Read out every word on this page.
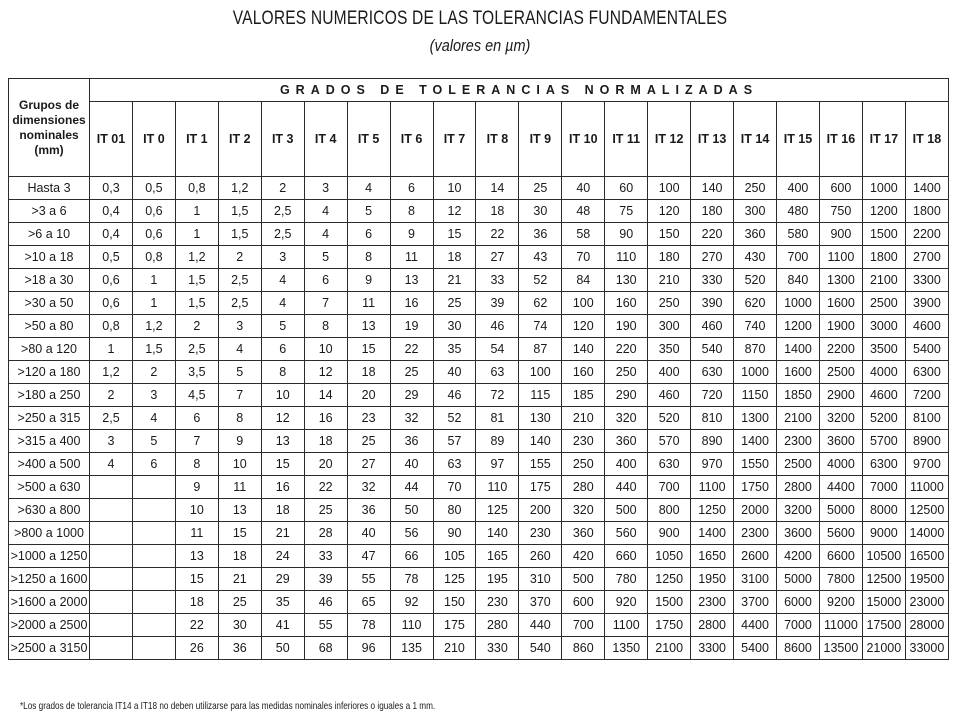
VALORES NUMERICOS DE LAS TOLERANCIAS FUNDAMENTALES
(valores en µm)
Grupos de dimensiones nominales (mm)	GRADOS DE TOLERANCIAS NORMALIZADAS																			
	IT 01	IT 0	IT 1	IT 2	IT 3	IT 4	IT 5	IT 6	IT 7	IT 8	IT 9	IT 10	IT 11	IT 12	IT 13	IT 14	IT 15	IT 16	IT 17	IT 18
Hasta 3	0,3	0,5	0,8	1,2	2	3	4	6	10	14	25	40	60	100	140	250	400	600	1000	1400
>3 a 6	0,4	0,6	1	1,5	2,5	4	5	8	12	18	30	48	75	120	180	300	480	750	1200	1800
>6 a 10	0,4	0,6	1	1,5	2,5	4	6	9	15	22	36	58	90	150	220	360	580	900	1500	2200
>10 a 18	0,5	0,8	1,2	2	3	5	8	11	18	27	43	70	110	180	270	430	700	1100	1800	2700
>18 a 30	0,6	1	1,5	2,5	4	6	9	13	21	33	52	84	130	210	330	520	840	1300	2100	3300
>30 a 50	0,6	1	1,5	2,5	4	7	11	16	25	39	62	100	160	250	390	620	1000	1600	2500	3900
>50 a 80	0,8	1,2	2	3	5	8	13	19	30	46	74	120	190	300	460	740	1200	1900	3000	4600
>80 a 120	1	1,5	2,5	4	6	10	15	22	35	54	87	140	220	350	540	870	1400	2200	3500	5400
>120 a 180	1,2	2	3,5	5	8	12	18	25	40	63	100	160	250	400	630	1000	1600	2500	4000	6300
>180 a 250	2	3	4,5	7	10	14	20	29	46	72	115	185	290	460	720	1150	1850	2900	4600	7200
>250 a 315	2,5	4	6	8	12	16	23	32	52	81	130	210	320	520	810	1300	2100	3200	5200	8100
>315 a 400	3	5	7	9	13	18	25	36	57	89	140	230	360	570	890	1400	2300	3600	5700	8900
>400 a 500	4	6	8	10	15	20	27	40	63	97	155	250	400	630	970	1550	2500	4000	6300	9700
>500 a 630			9	11	16	22	32	44	70	110	175	280	440	700	1100	1750	2800	4400	7000	11000
>630 a 800			10	13	18	25	36	50	80	125	200	320	500	800	1250	2000	3200	5000	8000	12500
>800 a 1000			11	15	21	28	40	56	90	140	230	360	560	900	1400	2300	3600	5600	9000	14000
>1000 a 1250			13	18	24	33	47	66	105	165	260	420	660	1050	1650	2600	4200	6600	10500	16500
>1250 a 1600			15	21	29	39	55	78	125	195	310	500	780	1250	1950	3100	5000	7800	12500	19500
>1600 a 2000			18	25	35	46	65	92	150	230	370	600	920	1500	2300	3700	6000	9200	15000	23000
>2000 a 2500			22	30	41	55	78	110	175	280	440	700	1100	1750	2800	4400	7000	11000	17500	28000
>2500 a 3150			26	36	50	68	96	135	210	330	540	860	1350	2100	3300	5400	8600	13500	21000	33000
*Los grados de tolerancia IT14 a IT18 no deben utilizarse para las medidas nominales inferiores o iguales a 1 mm.
